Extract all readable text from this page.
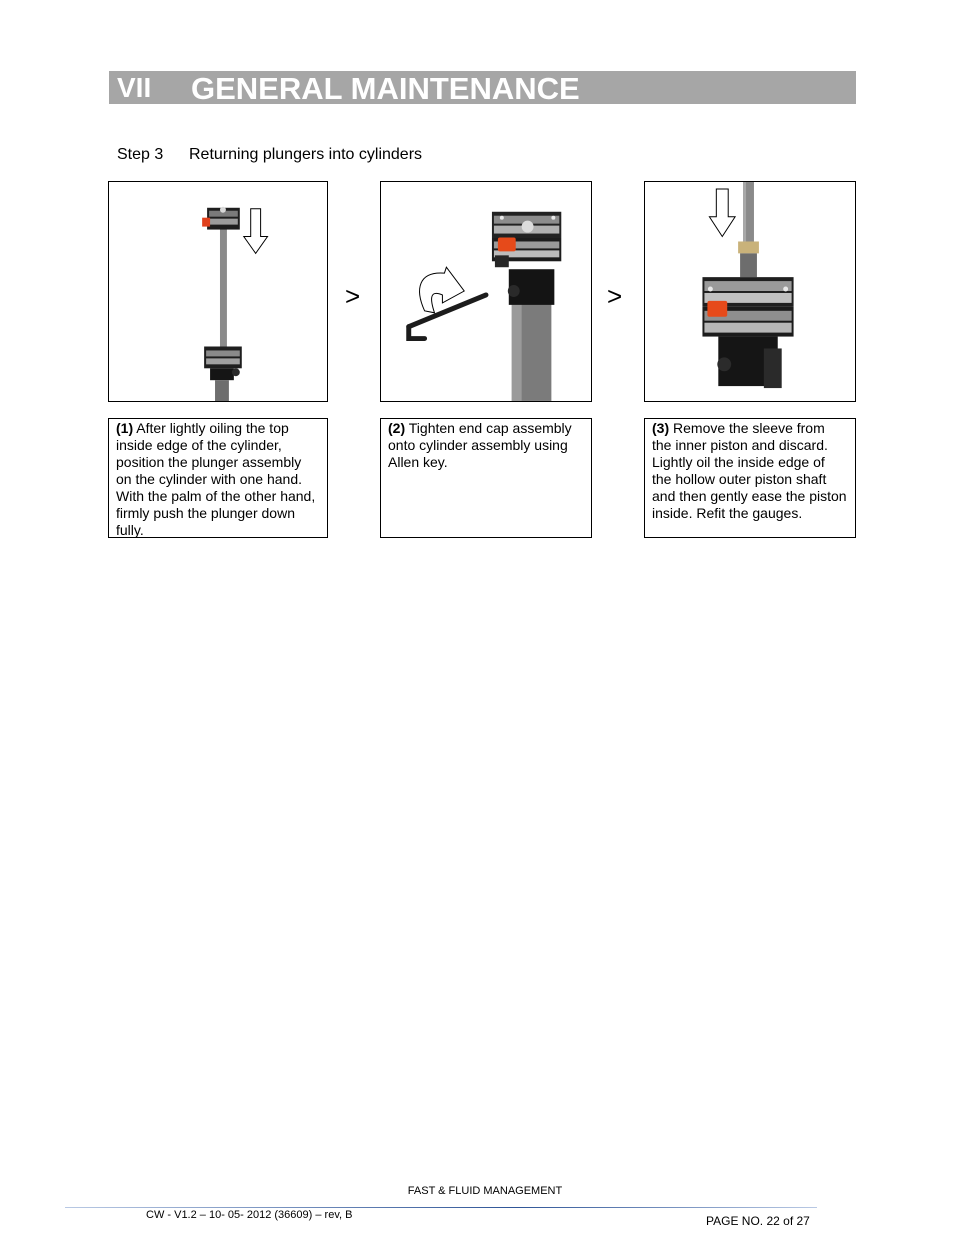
VII GENERAL MAINTENANCE
Step 3 Returning plungers into cylinders
>	>
(1) After lightly oiling the top inside edge of the cylinder, position the plunger assembly on the cylinder with one hand. With the palm of the other hand, firmly push the plunger down fully.
(2) Tighten end cap assembly onto cylinder assembly using Allen key.
(3) Remove the sleeve from the inner piston and discard. Lightly oil the inside edge of the hollow outer piston shaft and then gently ease the piston inside. Refit the gauges.
FAST & FLUID MANAGEMENT
CW - V1.2 – 10- 05- 2012 (36609) – rev, B	PAGE NO. 22 of 27
